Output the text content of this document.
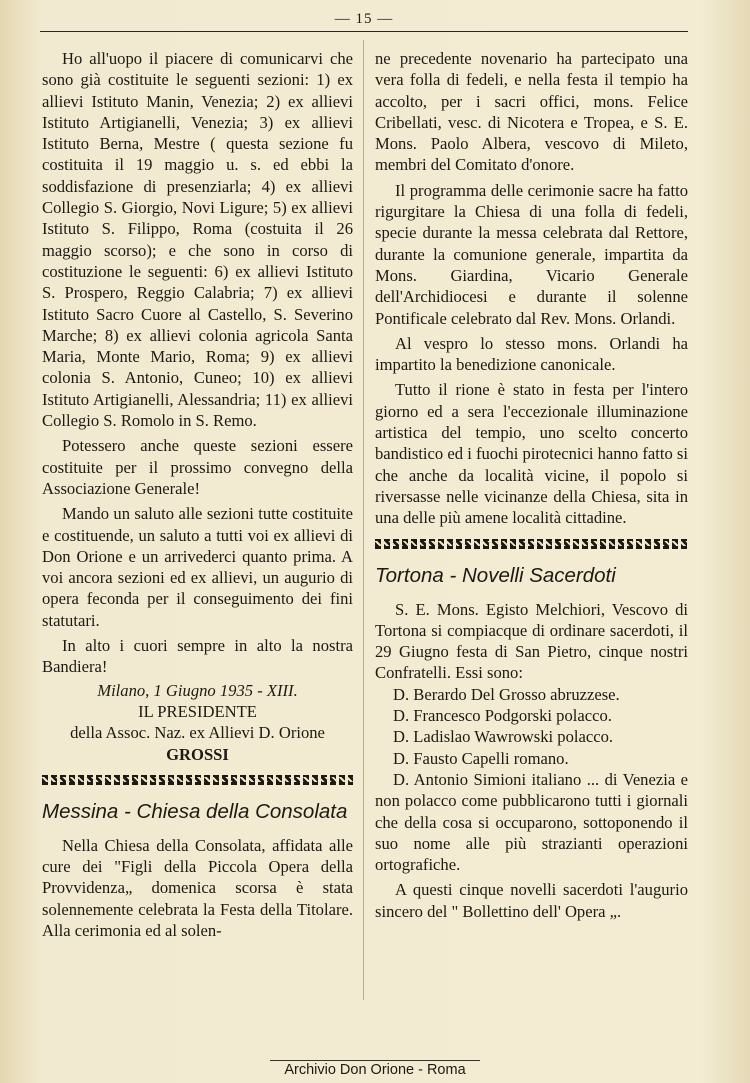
— 15 —

Ho all'uopo il piacere di comunicarvi che sono già costituite le seguenti sezioni: 1) ex allievi Istituto Manin, Venezia; 2) ex allievi Istituto Artigianelli, Venezia; 3) ex allievi Istituto Berna, Mestre ( questa sezione fu costituita il 19 maggio u. s. ed ebbi la soddisfazione di presenziarla; 4) ex allievi Collegio S. Giorgio, Novi Ligure; 5) ex allievi Istituto S. Filippo, Roma (costuita il 26 maggio scorso); e che sono in corso di costituzione le seguenti: 6) ex allievi Istituto S. Prospero, Reggio Calabria; 7) ex allievi Istituto Sacro Cuore al Castello, S. Severino Marche; 8) ex allievi colonia agricola Santa Maria, Monte Mario, Roma; 9) ex allievi colonia S. Antonio, Cuneo; 10) ex allievi Istituto Artigianelli, Alessandria; 11) ex allievi Collegio S. Romolo in S. Remo.

Potessero anche queste sezioni essere costituite per il prossimo convegno della Associazione Generale!

Mando un saluto alle sezioni tutte costituite e costituende, un saluto a tutti voi ex allievi di Don Orione e un arrivederci quanto prima. A voi ancora sezioni ed ex allievi, un augurio di opera feconda per il conseguimento dei fini statutari.

In alto i cuori sempre in alto la nostra Bandiera!

Milano, 1 Giugno 1935 - XIII.

IL PRESIDENTE

della Assoc. Naz. ex Allievi D. Orione

GROSSI

Messina - Chiesa della Consolata

Nella Chiesa della Consolata, affidata alle cure dei "Figli della Piccola Opera della Provvidenza„ domenica scorsa è stata solennemente celebrata la Festa della Titolare. Alla cerimonia ed al solen-

ne precedente novenario ha partecipato una vera folla di fedeli, e nella festa il tempio ha accolto, per i sacri offici, mons. Felice Cribellati, vesc. di Nicotera e Tropea, e S. E. Mons. Paolo Albera, vescovo di Mileto, membri del Comitato d'onore.

Il programma delle cerimonie sacre ha fatto rigurgitare la Chiesa di una folla di fedeli, specie durante la messa celebrata dal Rettore, durante la comunione generale, impartita da Mons. Giardina, Vicario Generale dell'Archidiocesi e durante il solenne Pontificale celebrato dal Rev. Mons. Orlandi.

Al vespro lo stesso mons. Orlandi ha impartito la benedizione canonicale.

Tutto il rione è stato in festa per l'intero giorno ed a sera l'eccezionale illuminazione artistica del tempio, uno scelto concerto bandistico ed i fuochi pirotecnici hanno fatto si che anche da località vicine, il popolo si riversasse nelle vicinanze della Chiesa, sita in una delle più amene località cittadine.

Tortona - Novelli Sacerdoti

S. E. Mons. Egisto Melchiori, Vescovo di Tortona si compiacque di ordinare sacerdoti, il 29 Giugno festa di San Pietro, cinque nostri Confratelli. Essi sono:

D. Berardo Del Grosso abruzzese.

D. Francesco Podgorski polacco.

D. Ladislao Wawrowski polacco.

D. Fausto Capelli romano.

D. Antonio Simioni italiano ... di Venezia e non polacco come pubblicarono tutti i giornali che della cosa si occuparono, sottoponendo il suo nome alle più strazianti operazioni ortografiche.

A questi cinque novelli sacerdoti l'augurio sincero del " Bollettino dell' Opera „.

Archivio Don Orione - Roma
